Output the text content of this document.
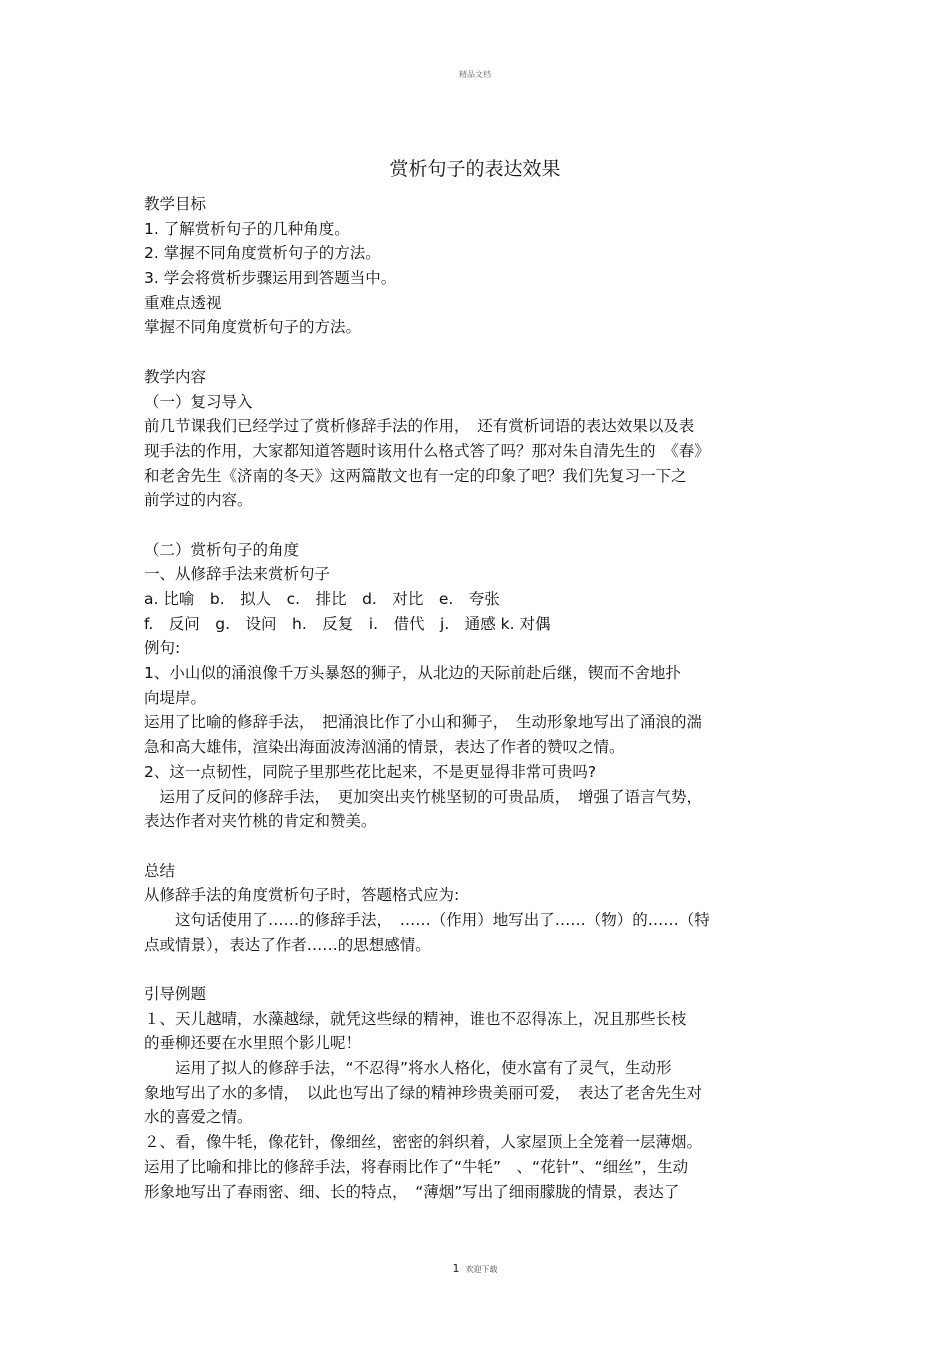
精品文档
赏析句子的表达效果
教学目标
1. 了解赏析句子的几种角度。
2. 掌握不同角度赏析句子的方法。
3. 学会将赏析步骤运用到答题当中。
重难点透视
掌握不同角度赏析句子的方法。
教学内容
（一）复习导入
前几节课我们已经学过了赏析修辞手法的作用，　还有赏析词语的表达效果以及表
现手法的作用，大家都知道答题时该用什么格式答了吗？那对朱自清先生的　《春》
和老舍先生《济南的冬天》这两篇散文也有一定的印象了吧？我们先复习一下之
前学过的内容。
（二）赏析句子的角度
一、从修辞手法来赏析句子
a. 比喻　b.　拟人　c.　排比　d.　对比　e.　夸张
f.　反问　g.　设问　h.　反复　i.　借代　j.　通感 k. 对偶
例句:
1、小山似的涌浪像千万头暴怒的狮子，从北边的天际前赴后继，锲而不舍地扑
向堤岸。
运用了比喻的修辞手法，　把涌浪比作了小山和狮子，　生动形象地写出了涌浪的湍
急和高大雄伟，渲染出海面波涛汹涌的情景，表达了作者的赞叹之情。
2、这一点韧性，同院子里那些花比起来，不是更显得非常可贵吗?
　运用了反问的修辞手法，　更加突出夹竹桃坚韧的可贵品质，　增强了语言气势，
表达作者对夹竹桃的肯定和赞美。
总结
从修辞手法的角度赏析句子时，答题格式应为:
　　这句话使用了……的修辞手法，　……（作用）地写出了……（物）的……（特
点或情景），表达了作者……的思想感情。
引导例题
１、天儿越晴，水藻越绿，就凭这些绿的精神，谁也不忍得冻上，况且那些长枝
的垂柳还要在水里照个影儿呢！
　　运用了拟人的修辞手法，“不忍得”将水人格化，使水富有了灵气，生动形
象地写出了水的多情，　以此也写出了绿的精神珍贵美丽可爱，　表达了老舍先生对
水的喜爱之情。
２、看，像牛牦，像花针，像细丝，密密的斜织着，人家屋顶上全笼着一层薄烟。
运用了比喻和排比的修辞手法，将春雨比作了“牛牦”　、“花针”、“细丝”，生动
形象地写出了春雨密、细、长的特点，　“薄烟”写出了细雨朦胧的情景，表达了
1 欢迎下载
